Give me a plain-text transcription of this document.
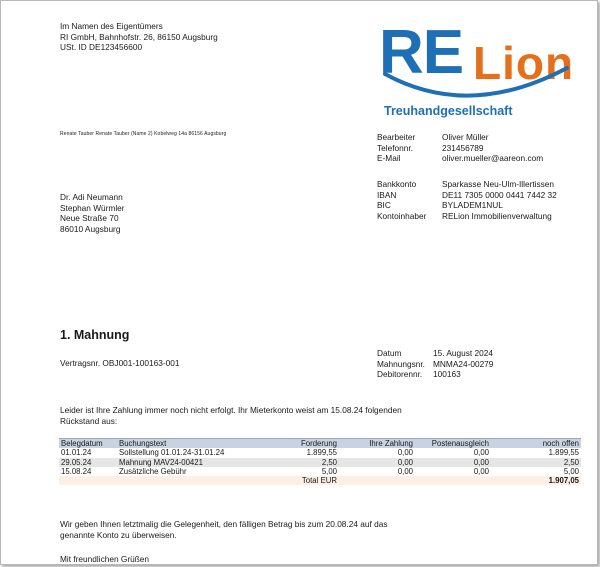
Im Namen des Eigentümers
RI GmbH, Bahnhofstr. 26, 86150 Augsburg
USt. ID DE123456600	RE Lion
Treuhandgesellschaft
Renate Tauber Renate Tauber (Name 2) Kobelweg 14a 86156 Augsburg	Bearbeiter	Oliver Müller
Telefonnr.	231456789
E-Mail	oliver.mueller@aareon.com
Bankkonto	Sparkasse Neu-Ulm-Illertissen
IBAN	DE11 7305 0000 0441 7442 32
BIC	BYLADEM1NUL
Kontoinhaber	RELion Immobilienverwaltung
Dr. Adi Neumann
Stephan Würmler
Neue Straße 70
86010 Augsburg
1. Mahnung
Vertragsnr. OBJ001-100163-001
Datum	15. August 2024
Mahnungsnr. MNMA24-00279
Debitorennr.	100163
Leider ist Ihre Zahlung immer noch nicht erfolgt. Ihr Mieterkonto weist am 15.08.24 folgenden
Rückstand aus:
Belegdatum	Buchungstext	Forderung	Ihre Zahlung	Postenausgleich	noch offen
01.01.24	Sollstellung 01.01.24-31.01.24	1.899,55	0,00	0,00	1.899,55
29.05.24	Mahnung MAV24-00421	2,50	0,00	0,00	2,50
15.08.24	Zusätzliche Gebühr	5,00	0,00	0,00	5,00
		Total EUR			1.907,05
Wir geben Ihnen letztmalig die Gelegenheit, den fälligen Betrag bis zum 20.08.24 auf das
genannte Konto zu überweisen.
Mit freundlichen Grüßen
